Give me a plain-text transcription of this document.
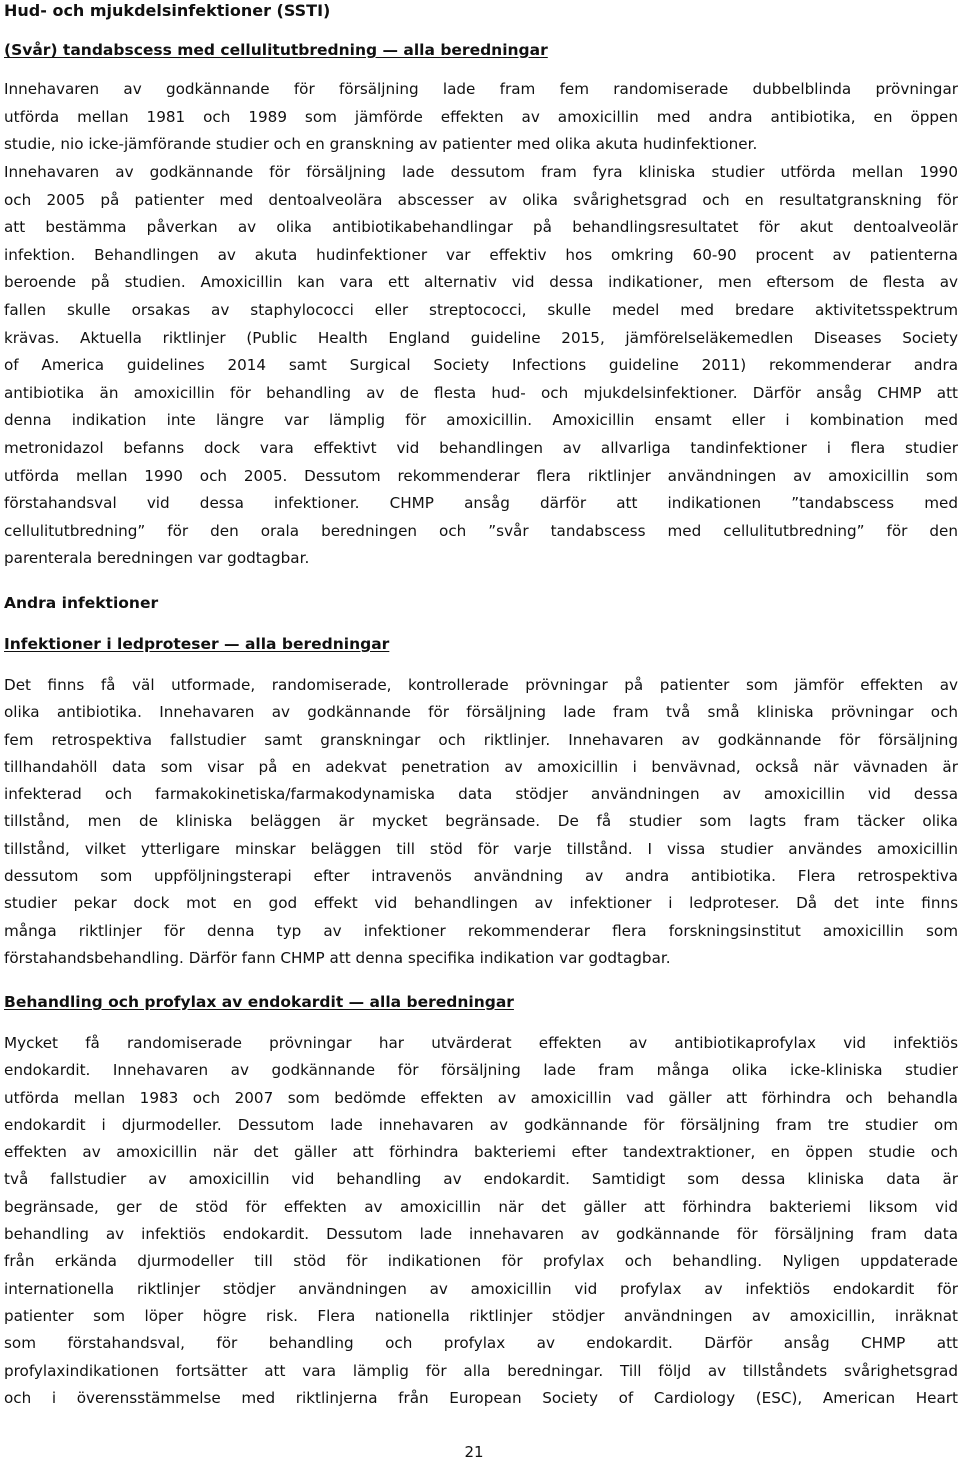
Hud- och mjukdelsinfektioner (SSTI)
(Svår) tandabscess med cellulitutbredning — alla beredningar
Innehavaren av godkännande för försäljning lade fram fem randomiserade dubbelblinda prövningar
utförda mellan 1981 och 1989 som jämförde effekten av amoxicillin med andra antibiotika, en öppen
studie, nio icke-jämförande studier och en granskning av patienter med olika akuta hudinfektioner.
Innehavaren av godkännande för försäljning lade dessutom fram fyra kliniska studier utförda mellan 1990
och 2005 på patienter med dentoalveolära abscesser av olika svårighetsgrad och en resultatgranskning för
att bestämma påverkan av olika antibiotikabehandlingar på behandlingsresultatet för akut dentoalveolär
infektion. Behandlingen av akuta hudinfektioner var effektiv hos omkring 60-90 procent av patienterna
beroende på studien. Amoxicillin kan vara ett alternativ vid dessa indikationer, men eftersom de flesta av
fallen skulle orsakas av staphylococci eller streptococci, skulle medel med bredare aktivitetsspektrum
krävas. Aktuella riktlinjer (Public Health England guideline 2015, jämförelseläkemedlen Diseases Society
of America guidelines 2014 samt Surgical Society Infections guideline 2011) rekommenderar andra
antibiotika än amoxicillin för behandling av de flesta hud- och mjukdelsinfektioner. Därför ansåg CHMP att
denna indikation inte längre var lämplig för amoxicillin. Amoxicillin ensamt eller i kombination med
metronidazol befanns dock vara effektivt vid behandlingen av allvarliga tandinfektioner i flera studier
utförda mellan 1990 och 2005. Dessutom rekommenderar flera riktlinjer användningen av amoxicillin som
förstahandsval vid dessa infektioner. CHMP ansåg därför att indikationen ”tandabscess med
cellulitutbredning” för den orala beredningen och ”svår tandabscess med cellulitutbredning” för den
parenterala beredningen var godtagbar.
Andra infektioner
Infektioner i ledproteser — alla beredningar
Det finns få väl utformade, randomiserade, kontrollerade prövningar på patienter som jämför effekten av
olika antibiotika. Innehavaren av godkännande för försäljning lade fram två små kliniska prövningar och
fem retrospektiva fallstudier samt granskningar och riktlinjer. Innehavaren av godkännande för försäljning
tillhandahöll data som visar på en adekvat penetration av amoxicillin i benvävnad, också när vävnaden är
infekterad och farmakokinetiska/farmakodynamiska data stödjer användningen av amoxicillin vid dessa
tillstånd, men de kliniska beläggen är mycket begränsade. De få studier som lagts fram täcker olika
tillstånd, vilket ytterligare minskar beläggen till stöd för varje tillstånd. I vissa studier användes amoxicillin
dessutom som uppföljningsterapi efter intravenös användning av andra antibiotika. Flera retrospektiva
studier pekar dock mot en god effekt vid behandlingen av infektioner i ledproteser. Då det inte finns
många riktlinjer för denna typ av infektioner rekommenderar flera forskningsinstitut amoxicillin som
förstahandsbehandling. Därför fann CHMP att denna specifika indikation var godtagbar.
Behandling och profylax av endokardit — alla beredningar
Mycket få randomiserade prövningar har utvärderat effekten av antibiotikaprofylax vid infektiös
endokardit. Innehavaren av godkännande för försäljning lade fram många olika icke-kliniska studier
utförda mellan 1983 och 2007 som bedömde effekten av amoxicillin vad gäller att förhindra och behandla
endokardit i djurmodeller. Dessutom lade innehavaren av godkännande för försäljning fram tre studier om
effekten av amoxicillin när det gäller att förhindra bakteriemi efter tandextraktioner, en öppen studie och
två fallstudier av amoxicillin vid behandling av endokardit. Samtidigt som dessa kliniska data är
begränsade, ger de stöd för effekten av amoxicillin när det gäller att förhindra bakteriemi liksom vid
behandling av infektiös endokardit. Dessutom lade innehavaren av godkännande för försäljning fram data
från erkända djurmodeller till stöd för indikationen för profylax och behandling. Nyligen uppdaterade
internationella riktlinjer stödjer användningen av amoxicillin vid profylax av infektiös endokardit för
patienter som löper högre risk. Flera nationella riktlinjer stödjer användningen av amoxicillin, inräknat
som förstahandsval, för behandling och profylax av endokardit. Därför ansåg CHMP att
profylaxindikationen fortsätter att vara lämplig för alla beredningar. Till följd av tillståndets svårighetsgrad
och i överensstämmelse med riktlinjerna från European Society of Cardiology (ESC), American Heart
21
